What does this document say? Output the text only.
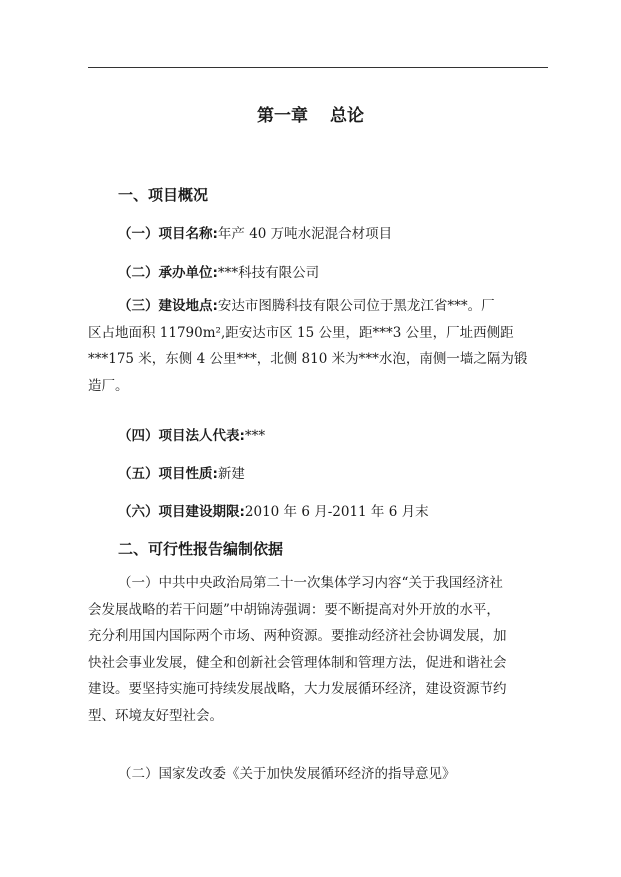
第一章 总论
一、项目概况
（一）项目名称:年产 40 万吨水泥混合材项目
（二）承办单位:***科技有限公司
（三）建设地点:安达市图腾科技有限公司位于黑龙江省***。厂
区占地面积 11790m²,距安达市区 15 公里，距***3 公里，厂址西侧距
***175 米，东侧 4 公里***，北侧 810 米为***水泡，南侧一墙之隔为锻
造厂。
（四）项目法人代表:***
（五）项目性质:新建
（六）项目建设期限:2010 年 6 月-2011 年 6 月末
二、可行性报告编制依据
（一）中共中央政治局第二十一次集体学习内容“关于我国经济社
会发展战略的若干问题”中胡锦涛强调：要不断提高对外开放的水平，
充分利用国内国际两个市场、两种资源。要推动经济社会协调发展，加
快社会事业发展，健全和创新社会管理体制和管理方法，促进和谐社会
建设。要坚持实施可持续发展战略，大力发展循环经济，建设资源节约
型、环境友好型社会。
（二）国家发改委《关于加快发展循环经济的指导意见》
